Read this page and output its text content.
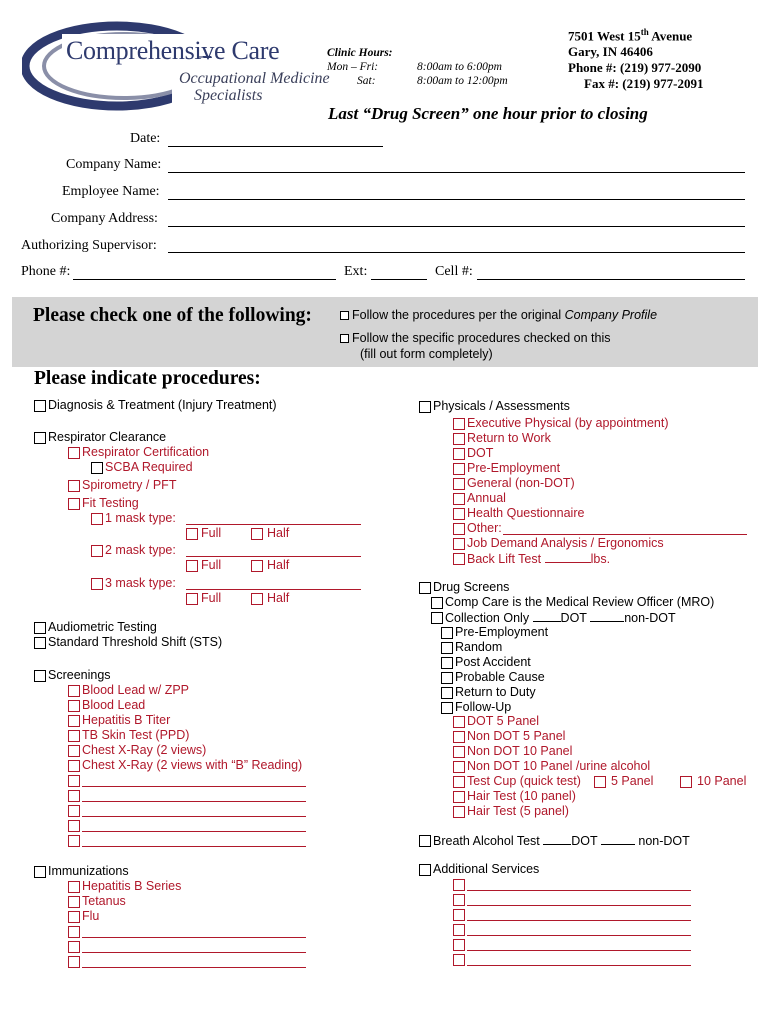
Comprehensive Care
Occupational Medicine
Specialists
Clinic Hours:
Mon – Fri:	8:00am to 6:00pm
Sat:	8:00am to 12:00pm
7501 West 15th Avenue
Gary, IN 46406
Phone #: (219) 977-2090
Fax #: (219) 977-2091
Last “Drug Screen” one hour prior to closing
Date:
Company Name:
Employee Name:
Company Address:
Authorizing Supervisor:
Phone #:	Ext:	Cell #:
Please check one of the following:	Follow the procedures per the original Company Profile
Follow the specific procedures checked on this
(fill out form completely)
Please indicate procedures:
Diagnosis & Treatment (Injury Treatment)
Respirator Clearance
Respirator Certification
SCBA Required
Spirometry / PFT
Fit Testing
1 mask type:
Full	Half
2 mask type:
Full	Half
3 mask type:
Full	Half
Audiometric Testing
Standard Threshold Shift (STS)
Screenings
Blood Lead w/ ZPP
Blood Lead
Hepatitis B Titer
TB Skin Test (PPD)
Chest X-Ray (2 views)
Chest X-Ray (2 views with “B” Reading)
Immunizations
Hepatitis B Series
Tetanus
Flu
Physicals / Assessments
Executive Physical (by appointment)
Return to Work
DOT
Pre-Employment
General (non-DOT)
Annual
Health Questionnaire
Other:
Job Demand Analysis / Ergonomics
Back Lift Test	lbs.
Drug Screens
Comp Care is the Medical Review Officer (MRO)
Collection Only DOT	non-DOT
Pre-Employment
Random
Post Accident
Probable Cause
Return to Duty
Follow-Up
DOT 5 Panel
Non DOT 5 Panel
Non DOT 10 Panel
Non DOT 10 Panel /urine alcohol
Test Cup (quick test) 5 Panel	10 Panel
Hair Test (10 panel)
Hair Test (5 panel)
Breath Alcohol Test DOT	non-DOT
Additional Services
